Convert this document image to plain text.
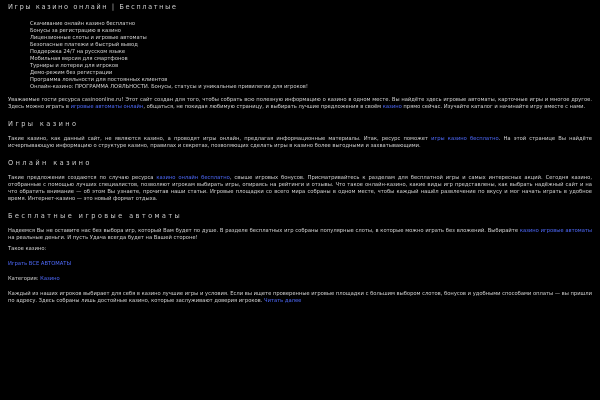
Игры казино онлайн | Бесплатные
Скачивание онлайн казино бесплатно
Бонусы за регистрацию в казино
Лицензионные слоты и игровые автоматы
Безопасные платежи и быстрый вывод
Поддержка 24/7 на русском языке
Мобильная версия для смартфонов
Турниры и лотереи для игроков
Демо-режим без регистрации
Программа лояльности для постоянных клиентов
Онлайн-казино: ПРОГРАММА ЛОЯЛЬНОСТИ. Бонусы, статусы и уникальные привилегии для игроков!

Уважаемые гости ресурса casinoonline.ru! Этот сайт создан для того, чтобы собрать всю полезную информацию о казино в одном месте. Вы найдёте здесь игровые автоматы, карточные игры и многое другое. Здесь можно играть в игровые автоматы онлайн, общаться, не покидая любимую страницу, и выбирать лучшие предложения в своём казино прямо сейчас. Изучайте каталог и начинайте игру вместе с нами.

Игры казино

Такие казино, как данный сайт, не являются казино, а проводят игры онлайн, предлагая информационные материалы. Итак, ресурс поможет игры казино бесплатно. На этой странице Вы найдёте исчерпывающую информацию о структуре казино, правилах и секретах, позволяющих сделать игры в казино более выгодными и захватывающими.

Онлайн казино

Такие предложения создаются по случаю ресурса казино онлайн бесплатно, свыше игровых бонусов. Присматривайтесь к разделам для бесплатной игры и самых интересных акций. Сегодня казино, отобранные с помощью лучших специалистов, позволяют игрокам выбирать игры, опираясь на рейтинги и отзывы. Что такое онлайн-казино, какие виды игр представлены, как выбрать надёжный сайт и на что обратить внимание — об этом Вы узнаете, прочитав наши статьи. Игровые площадки со всего мира собраны в одном месте, чтобы каждый нашёл развлечение по вкусу и мог начать играть в удобное время. Интернет-казино — это новый формат отдыха.

Бесплатные игровые автоматы

Надеемся Вы не оставите нас без выбора игр, который Вам будет по душе. В разделе бесплатных игр собраны популярные слоты, в которые можно играть без вложений. Выбирайте казино игровые автоматы на реальные деньги. И пусть Удача всегда будет на Вашей стороне!

Такое казино:

Играть ВСЕ АВТОМАТЫ

Категория: Казино

Каждый из наших игроков выбирает для себя в казино лучшие игры и условия. Если вы ищете проверенные игровые площадки с большим выбором слотов, бонусов и удобными способами оплаты — вы пришли по адресу. Здесь собраны лишь достойные казино, которые заслуживают доверия игроков. Читать далее
